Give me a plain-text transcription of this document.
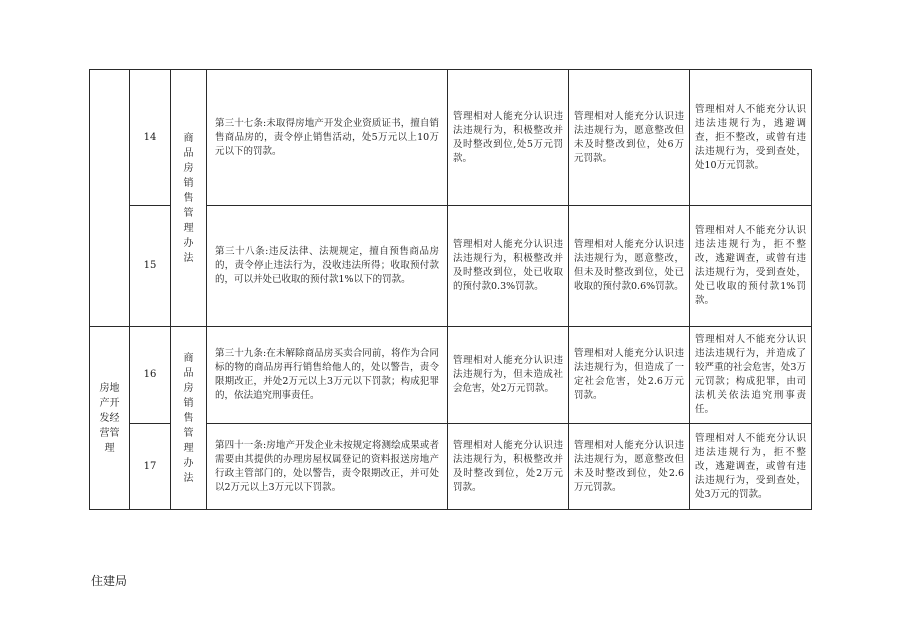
	14	商品房销售管理办法	第三十七条:未取得房地产开发企业资质证书，擅自销售商品房的，责令停止销售活动，处5万元以上10万元以下的罚款。	管理相对人能充分认识违法违规行为，积极整改并及时整改到位,处5万元罚款。	管理相对人能充分认识违法违规行为，愿意整改但未及时整改到位，处6万元罚款。	管理相对人不能充分认识违法违规行为，逃避调查，拒不整改，或曾有违法违规行为，受到查处，处10万元罚款。
	15		第三十八条:违反法律、法规规定，擅自预售商品房的，责令停止违法行为，没收违法所得；收取预付款的，可以并处已收取的预付款1%以下的罚款。	管理相对人能充分认识违法违规行为，积极整改并及时整改到位，处已收取的预付款0.3%罚款。	管理相对人能充分认识违法违规行为，愿意整改，但未及时整改到位，处已收取的预付款0.6%罚款。	管理相对人不能充分认识违法违规行为，拒不整改，逃避调查，或曾有违法违规行为，受到查处，处已收取的预付款1%罚款。
房地产开发经营管理	16	商品房销售管理办法	第三十九条:在未解除商品房买卖合同前，将作为合同标的物的商品房再行销售给他人的，处以警告，责令限期改正，并处2万元以上3万元以下罚款；构成犯罪的，依法追究刑事责任。	管理相对人能充分认识违法违规行为，但未造成社会危害，处2万元罚款。	管理相对人能充分认识违法违规行为，但造成了一定社会危害，处2.6万元罚款。	管理相对人不能充分认识违法违规行为，并造成了较严重的社会危害，处3万元罚款；构成犯罪，由司法机关依法追究刑事责任。
	17		第四十一条:房地产开发企业未按规定将测绘成果或者需要由其提供的办理房屋权属登记的资料报送房地产行政主管部门的，处以警告，责令限期改正，并可处以2万元以上3万元以下罚款。	管理相对人能充分认识违法违规行为，积极整改并及时整改到位，处2万元罚款。	管理相对人能充分认识违法违规行为，愿意整改但未及时整改到位，处2.6万元罚款。	管理相对人不能充分认识违法违规行为，拒不整改，逃避调查，或曾有违法违规行为，受到查处，处3万元的罚款。
住建局
